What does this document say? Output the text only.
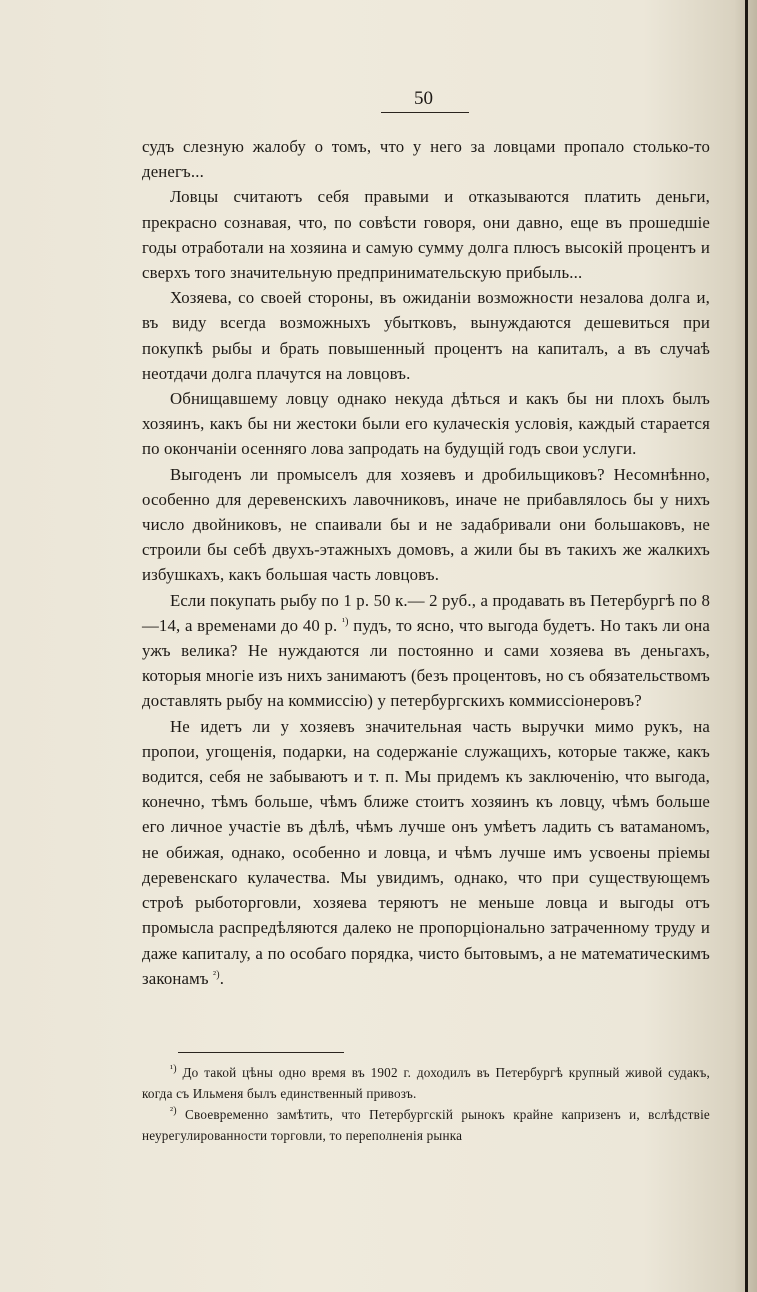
50

судъ слезную жалобу о томъ, что у него за ловцами пропало столько-то денегъ...

Ловцы считаютъ себя правыми и отказываются платить деньги, прекрасно сознавая, что, по совѣсти говоря, они давно, еще въ прошедшіе годы отработали на хозяина и самую сумму долга плюсъ высокій процентъ и сверхъ того значительную предпринимательскую прибыль...

Хозяева, со своей стороны, въ ожиданіи возможности незалова долга и, въ виду всегда возможныхъ убытковъ, вынуждаются дешевиться при покупкѣ рыбы и брать повышенный процентъ на капиталъ, а въ случаѣ неотдачи долга плачутся на ловцовъ.

Обнищавшему ловцу однако некуда дѣться и какъ бы ни плохъ былъ хозяинъ, какъ бы ни жестоки были его кулаческія условія, каждый старается по окончаніи осенняго лова запродать на будущій годъ свои услуги.

Выгоденъ ли промыселъ для хозяевъ и дробильщиковъ? Несомнѣнно, особенно для деревенскихъ лавочниковъ, иначе не прибавлялось бы у нихъ число двойниковъ, не спаивали бы и не задабривали они большаковъ, не строили бы себѣ двухъ-этажныхъ домовъ, а жили бы въ такихъ же жалкихъ избушкахъ, какъ большая часть ловцовъ.

Если покупать рыбу по 1 р. 50 к.— 2 руб., а продавать въ Петербургѣ по 8—14, а временами до 40 р. $^{^1)}$ пудъ, то ясно, что выгода будетъ. Но такъ ли она ужъ велика? Не нуждаются ли постоянно и сами хозяева въ деньгахъ, которыя многіе изъ нихъ занимаютъ (безъ процентовъ, но съ обязательствомъ доставлять рыбу на коммиссію) у петербургскихъ коммиссіонеровъ?

Не идетъ ли у хозяевъ значительная часть выручки мимо рукъ, на пропои, угощенія, подарки, на содержаніе служащихъ, которые также, какъ водится, себя не забываютъ и т. п. Мы придемъ къ заключенію, что выгода, конечно, тѣмъ больше, чѣмъ ближе стоитъ хозяинъ къ ловцу, чѣмъ больше его личное участіе въ дѣлѣ, чѣмъ лучше онъ умѣетъ ладить съ ватаманомъ, не обижая, однако, особенно и ловца, и чѣмъ лучше имъ усвоены пріемы деревенскаго кулачества. Мы увидимъ, однако, что при существующемъ строѣ рыботорговли, хозяева теряютъ не меньше ловца и выгоды отъ промысла распредѣляются далеко не пропорціонально затраченному труду и даже капиталу, а по особаго порядка, чисто бытовымъ, а не математическимъ законамъ $^{^2)}$.

$^{^1)}$ До такой цѣны одно время въ 1902 г. доходилъ въ Петербургѣ крупный живой судакъ, когда съ Ильменя былъ единственный привозъ.

$^{^2)}$ Своевременно замѣтить, что Петербургскій рынокъ крайне капризенъ и, вслѣдствіе неурегулированности торговли, то переполненія рынка
